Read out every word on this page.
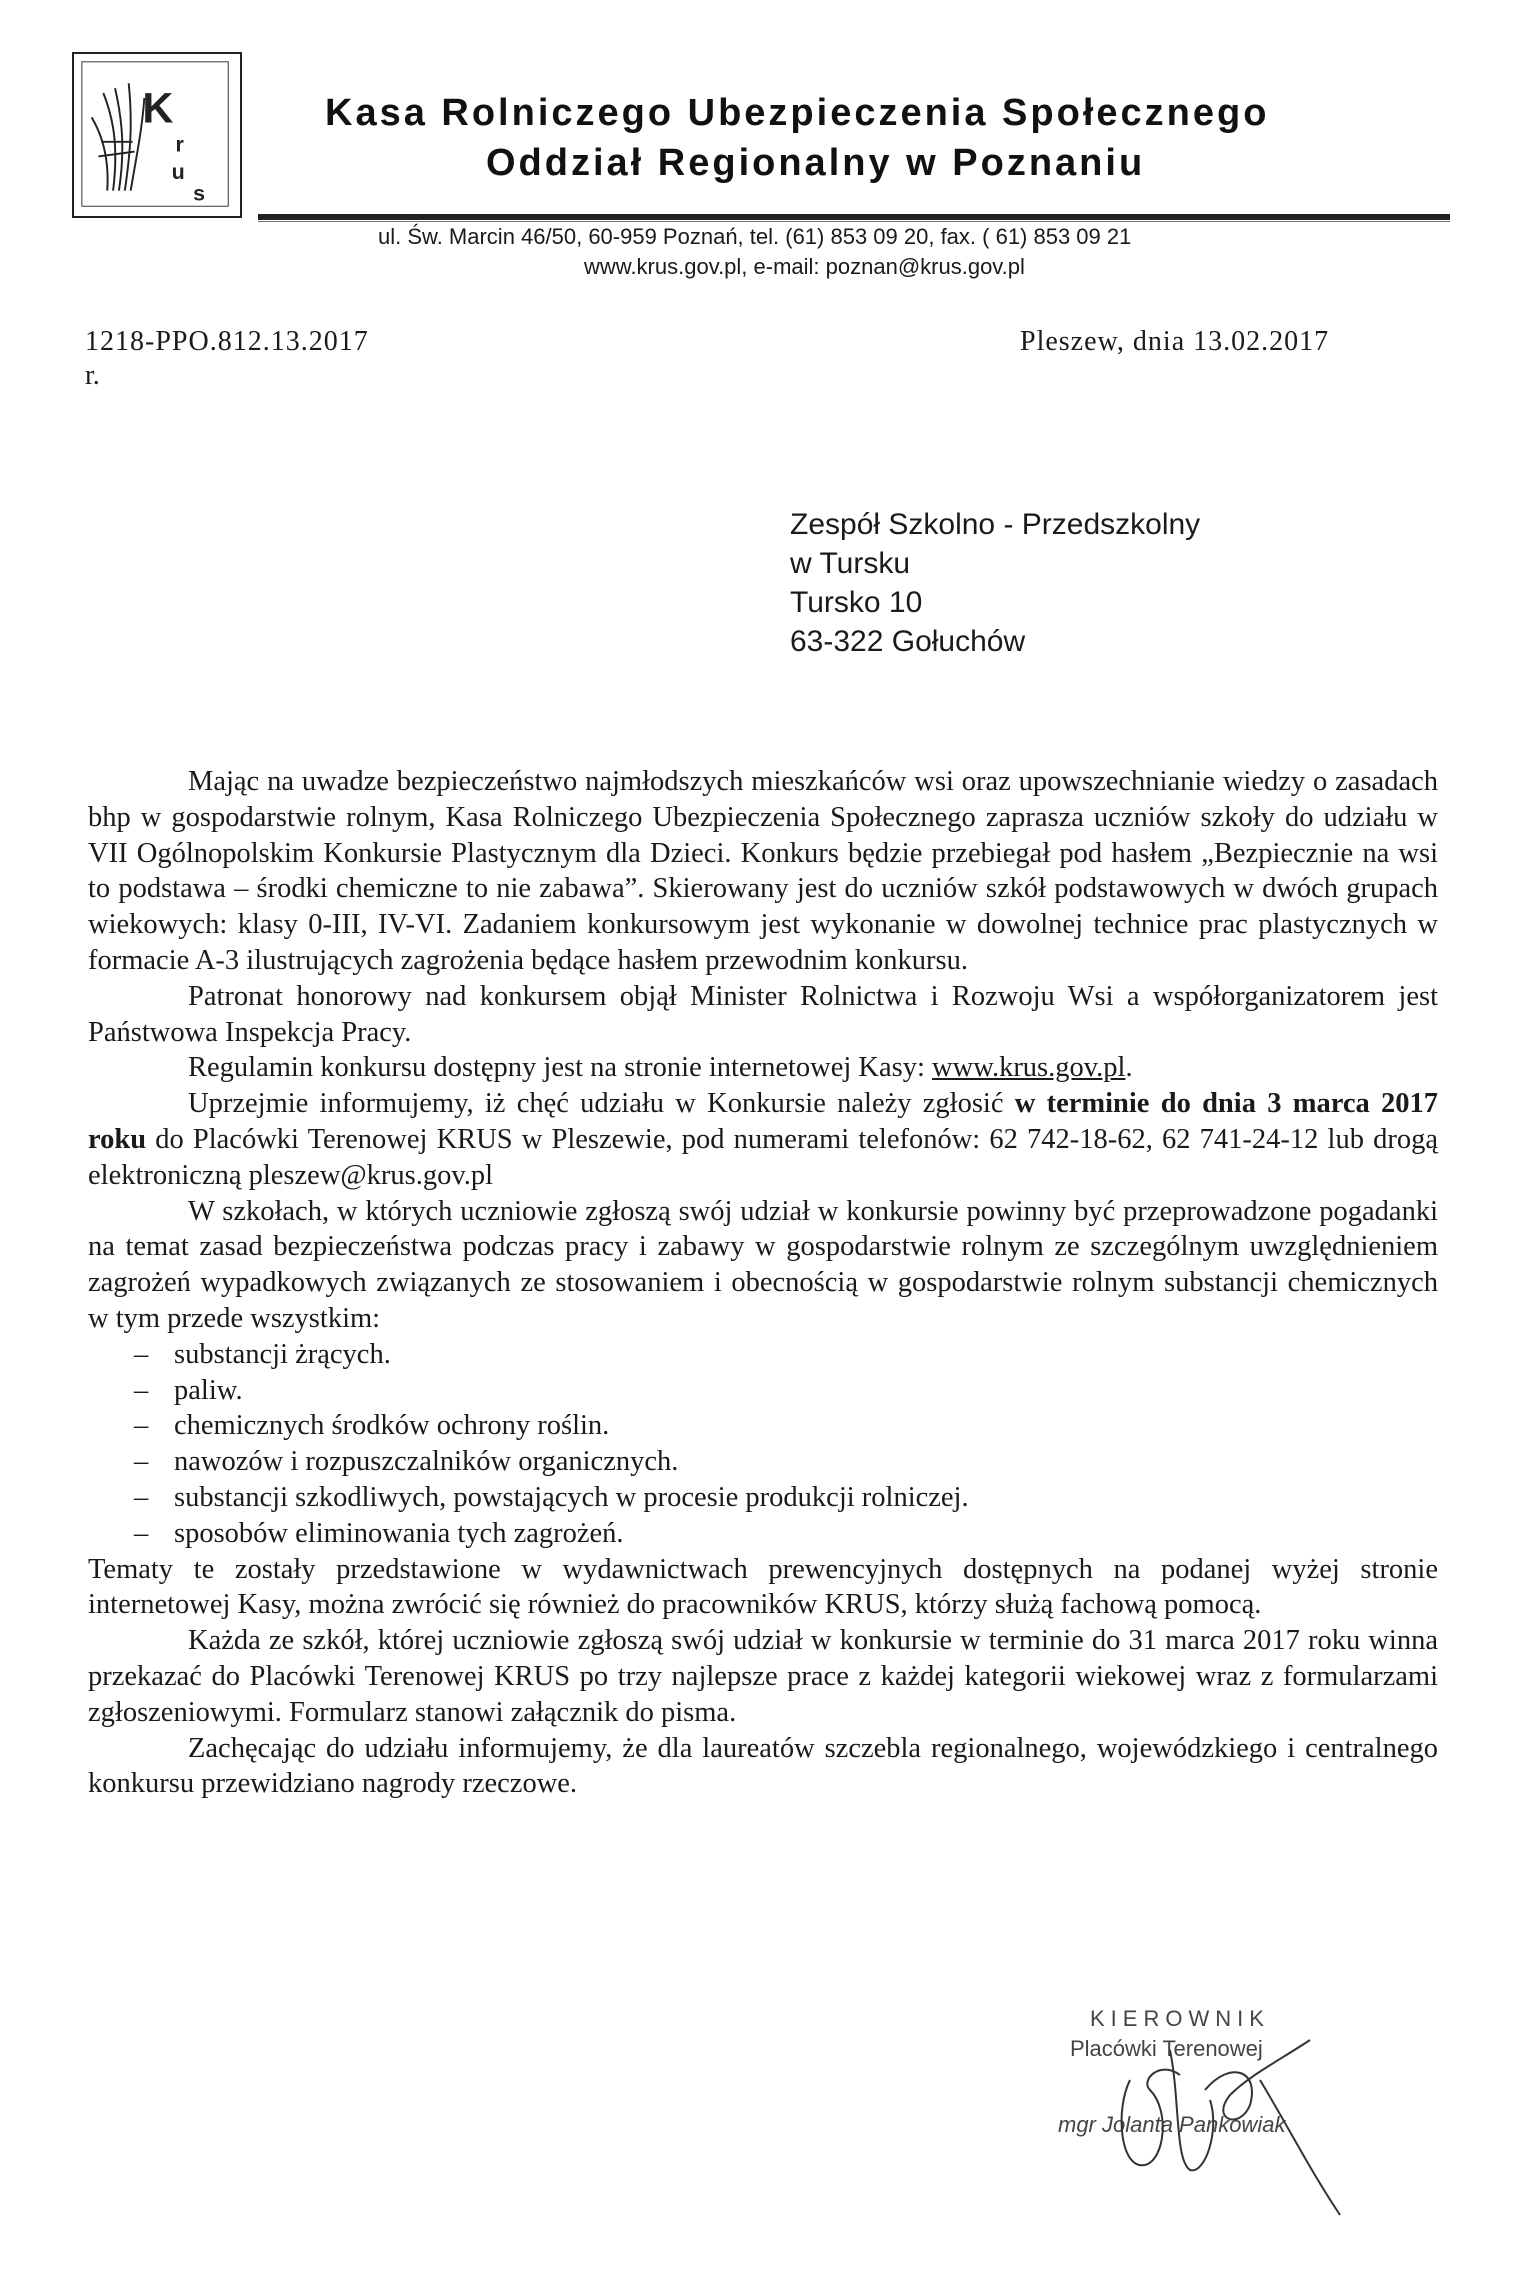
K
r
u
s
Kasa Rolniczego Ubezpieczenia Społecznego
Oddział Regionalny w Poznaniu
ul. Św. Marcin 46/50, 60-959 Poznań, tel. (61) 853 09 20, fax. ( 61) 853 09 21
www.krus.gov.pl, e-mail: poznan@krus.gov.pl
1218-PPO.812.13.2017
r.
Pleszew, dnia 13.02.2017
Zespół Szkolno - Przedszkolny
w Tursku
Tursko 10
63-322 Gołuchów

Mając na uwadze bezpieczeństwo najmłodszych mieszkańców wsi oraz upowszechnianie wiedzy o zasadach bhp w gospodarstwie rolnym, Kasa Rolniczego Ubezpieczenia Społecznego zaprasza uczniów szkoły do udziału w VII Ogólnopolskim Konkursie Plastycznym dla Dzieci. Konkurs będzie przebiegał pod hasłem „Bezpiecznie na wsi to podstawa – środki chemiczne to nie zabawa”. Skierowany jest do uczniów szkół podstawowych w dwóch grupach wiekowych: klasy 0-III, IV-VI. Zadaniem konkursowym jest wykonanie w dowolnej technice prac plastycznych w formacie A-3 ilustrujących zagrożenia będące hasłem przewodnim konkursu.

Patronat honorowy nad konkursem objął Minister Rolnictwa i Rozwoju Wsi a współorganizatorem jest Państwowa Inspekcja Pracy.

Regulamin konkursu dostępny jest na stronie internetowej Kasy: www.krus.gov.pl.

Uprzejmie informujemy, iż chęć udziału w Konkursie należy zgłosić w terminie do dnia 3 marca 2017 roku do Placówki Terenowej KRUS w Pleszewie, pod numerami telefonów: 62 742-18-62, 62 741-24-12 lub drogą elektroniczną pleszew@krus.gov.pl

W szkołach, w których uczniowie zgłoszą swój udział w konkursie powinny być przeprowadzone pogadanki na temat zasad bezpieczeństwa podczas pracy i zabawy w gospodarstwie rolnym ze szczególnym uwzględnieniem zagrożeń wypadkowych związanych ze stosowaniem i obecnością w gospodarstwie rolnym substancji chemicznych w tym przede wszystkim:

– substancji żrących.
– paliw.
– chemicznych środków ochrony roślin.
– nawozów i rozpuszczalników organicznych.
– substancji szkodliwych, powstających w procesie produkcji rolniczej.
– sposobów eliminowania tych zagrożeń.

Tematy te zostały przedstawione w wydawnictwach prewencyjnych dostępnych na podanej wyżej stronie internetowej Kasy, można zwrócić się również do pracowników KRUS, którzy służą fachową pomocą.

Każda ze szkół, której uczniowie zgłoszą swój udział w konkursie w terminie do 31 marca 2017 roku winna przekazać do Placówki Terenowej KRUS po trzy najlepsze prace z każdej kategorii wiekowej wraz z formularzami zgłoszeniowymi. Formularz stanowi załącznik do pisma.

Zachęcając do udziału informujemy, że dla laureatów szczebla regionalnego, wojewódzkiego i centralnego konkursu przewidziano nagrody rzeczowe.

KIEROWNIK
Placówki Terenowej
mgr Jolanta Pankowiak
